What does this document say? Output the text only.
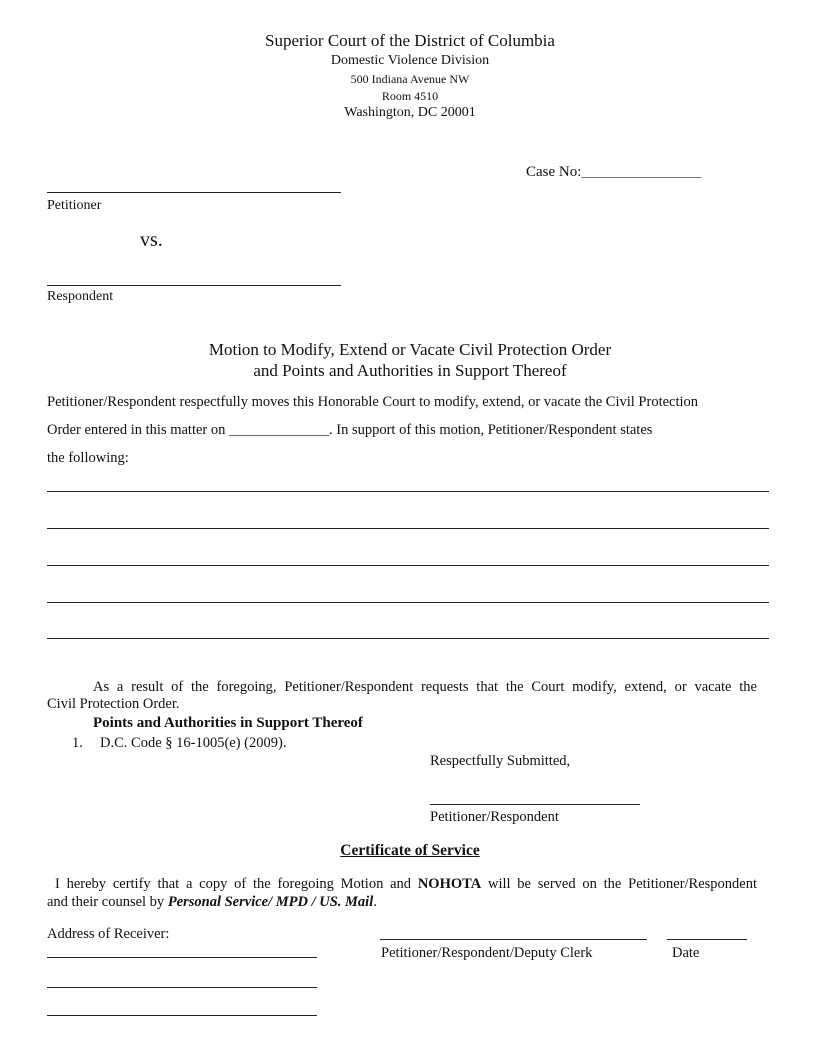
Superior Court of the District of Columbia
Domestic Violence Division
500 Indiana Avenue NW
Room 4510
Washington, DC 20001
Case No:____________________
Petitioner
vs.
Respondent
Motion to Modify, Extend or Vacate Civil Protection Order
and Points and Authorities in Support Thereof
Petitioner/Respondent respectfully moves this Honorable Court to modify, extend, or vacate the Civil Protection
Order entered in this matter on ________________. In support of this motion, Petitioner/Respondent states
the following:
As a result of the foregoing, Petitioner/Respondent requests that the Court modify, extend, or vacate the
Civil Protection Order.
Points and Authorities in Support Thereof
1. D.C. Code § 16-1005(e) (2009).
Respectfully Submitted,
Petitioner/Respondent
Certificate of Service
I hereby certify that a copy of the foregoing Motion and NOHOTA will be served on the Petitioner/Respondent
and their counsel by Personal Service/ MPD / US. Mail.
Address of Receiver:
Petitioner/Respondent/Deputy Clerk	Date
